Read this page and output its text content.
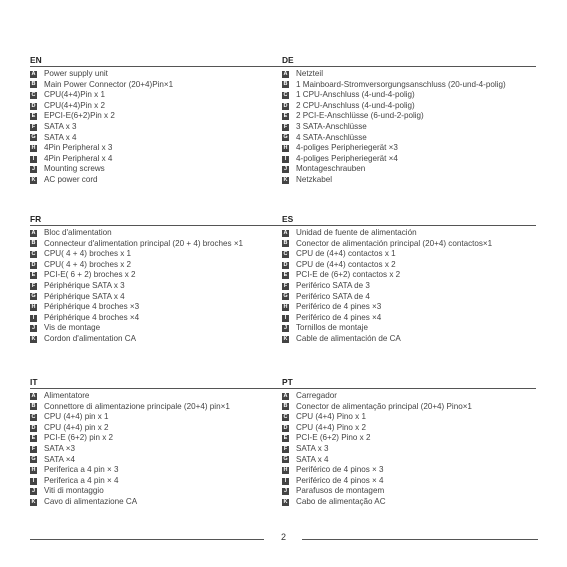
EN
A Power supply unit
B Main Power Connector (20+4)Pin×1
C CPU(4+4)Pin x 1
D CPU(4+4)Pin x 2
E EPCI-E(6+2)Pin x 2
F SATA x 3
G SATA x 4
H 4Pin Peripheral x 3
I	4Pin Peripheral x 4
J Mounting screws
K AC power cord
DE
A Netzteil
B 1 Mainboard-Stromversorgungsanschluss (20-und-4-polig)
C 1 CPU-Anschluss (4-und-4-polig)
D 2 CPU-Anschluss (4-und-4-polig)
E 2 PCI-E-Anschlüsse (6-und-2-polig)
F 3 SATA-Anschlüsse
G 4 SATA-Anschlüsse
H 4-poliges Peripheriegerät ×3
I	4-poliges Peripheriegerät ×4
J Montageschrauben
K Netzkabel
FR
A Bloc d'alimentation
B Connecteur d'alimentation principal (20 + 4) broches ×1
C CPU( 4 + 4) broches x 1
D CPU( 4 + 4) broches x 2
E PCI-E( 6 + 2) broches x 2
F Périphérique SATA x 3
G Périphérique SATA x 4
H Périphérique 4 broches ×3
I	Périphérique 4 broches ×4
J Vis de montage
K Cordon d'alimentation CA
ES
A Unidad de fuente de alimentación
B Conector de alimentación principal (20+4) contactos×1
C CPU de (4+4) contactos x 1
D CPU de (4+4) contactos x 2
E PCI-E de (6+2) contactos x 2
F Periférico SATA de 3
G Periférico SATA de 4
H Periférico de 4 pines ×3
I	Periférico de 4 pines ×4
J Tornillos de montaje
K Cable de alimentación de CA
IT
A Alimentatore
B Connettore di alimentazione principale (20+4) pin×1
C CPU (4+4) pin x 1
D CPU (4+4) pin x 2
E PCI-E (6+2) pin x 2
F SATA ×3
G SATA ×4
H Periferica a 4 pin × 3
I	Periferica a 4 pin × 4
J Viti di montaggio
K Cavo di alimentazione CA
PT
A Carregador
B Conector de alimentação principal (20+4) Pino×1
C CPU (4+4) Pino x 1
D CPU (4+4) Pino x 2
E PCI-E (6+2) Pino x 2
F SATA x 3
G SATA x 4
H Periférico de 4 pinos × 3
I	Periférico de 4 pinos × 4
J Parafusos de montagem
K Cabo de alimentação AC
2
